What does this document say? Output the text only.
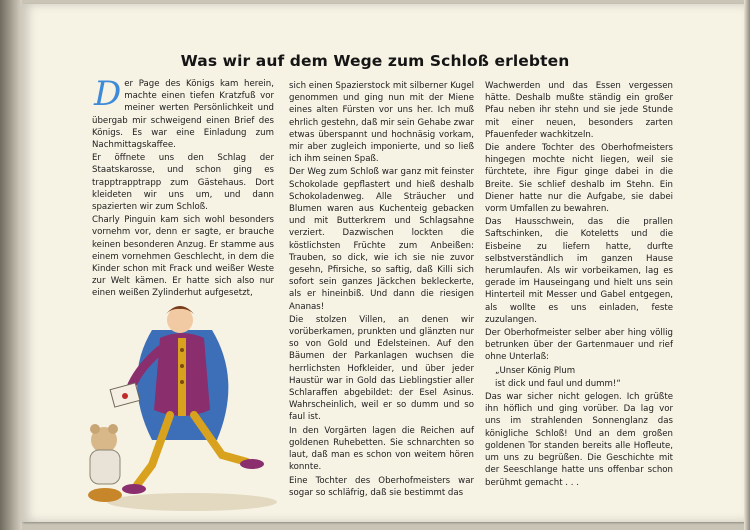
Was wir auf dem Wege zum Schloß erlebten

Der Page des Königs kam herein, machte einen tiefen Kratzfuß vor meiner werten Persönlichkeit und übergab mir schweigend einen Brief des Königs. Es war eine Einladung zum Nachmittagskaffee.

Er öffnete uns den Schlag der Staatskarosse, und schon ging es trapptrapptrapp zum Gästehaus. Dort kleideten wir uns um, und dann spazierten wir zum Schloß.

Charly Pinguin kam sich wohl besonders vornehm vor, denn er sagte, er brauche keinen besonderen Anzug. Er stamme aus einem vornehmen Geschlecht, in dem die Kinder schon mit Frack und weißer Weste zur Welt kämen. Er hatte sich also nur einen weißen Zylinderhut aufgesetzt,

sich einen Spazierstock mit silberner Kugel genommen und ging nun mit der Miene eines alten Fürsten vor uns her. Ich muß ehrlich gestehn, daß mir sein Gehabe zwar etwas überspannt und hochnäsig vorkam, mir aber zugleich imponierte, und so ließ ich ihm seinen Spaß.

Der Weg zum Schloß war ganz mit feinster Schokolade gepflastert und hieß deshalb Schokoladenweg. Alle Sträucher und Blumen waren aus Kuchenteig gebacken und mit Butterkrem und Schlagsahne verziert. Dazwischen lockten die köstlichsten Früchte zum Anbeißen: Trauben, so dick, wie ich sie nie zuvor gesehn, Pfirsiche, so saftig, daß Killi sich sofort sein ganzes Jäckchen bekleckerte, als er hineinbiß. Und dann die riesigen Ananas!

Die stolzen Villen, an denen wir vorüberkamen, prunkten und glänzten nur so von Gold und Edelsteinen. Auf den Bäumen der Parkanlagen wuchsen die herrlichsten Hofkleider, und über jeder Haustür war in Gold das Lieblingstier aller Schlaraffen abgebildet: der Esel Asinus. Wahrscheinlich, weil er so dumm und so faul ist.

In den Vorgärten lagen die Reichen auf goldenen Ruhebetten. Sie schnarchten so laut, daß man es schon von weitem hören konnte.

Eine Tochter des Oberhofmeisters war sogar so schläfrig, daß sie bestimmt das

Wachwerden und das Essen vergessen hätte. Deshalb mußte ständig ein großer Pfau neben ihr stehn und sie jede Stunde mit einer neuen, besonders zarten Pfauenfeder wachkitzeln.

Die andere Tochter des Oberhofmeisters hingegen mochte nicht liegen, weil sie fürchtete, ihre Figur ginge dabei in die Breite. Sie schlief deshalb im Stehn. Ein Diener hatte nur die Aufgabe, sie dabei vorm Umfallen zu bewahren.

Das Hausschwein, das die prallen Saftschinken, die Koteletts und die Eisbeine zu liefern hatte, durfte selbstverständlich im ganzen Hause herumlaufen. Als wir vorbeikamen, lag es gerade im Hauseingang und hielt uns sein Hinterteil mit Messer und Gabel entgegen, als wollte es uns einladen, feste zuzulangen.

Der Oberhofmeister selber aber hing völlig betrunken über der Gartenmauer und rief ohne Unterlaß:

„Unser König Plum

ist dick und faul und dumm!“

Das war sicher nicht gelogen. Ich grüßte ihn höflich und ging vorüber. Da lag vor uns im strahlenden Sonnenglanz das königliche Schloß! Und an dem großen goldenen Tor standen bereits alle Hofleute, um uns zu begrüßen. Die Geschichte mit der Seeschlange hatte uns offenbar schon berühmt gemacht . . .
